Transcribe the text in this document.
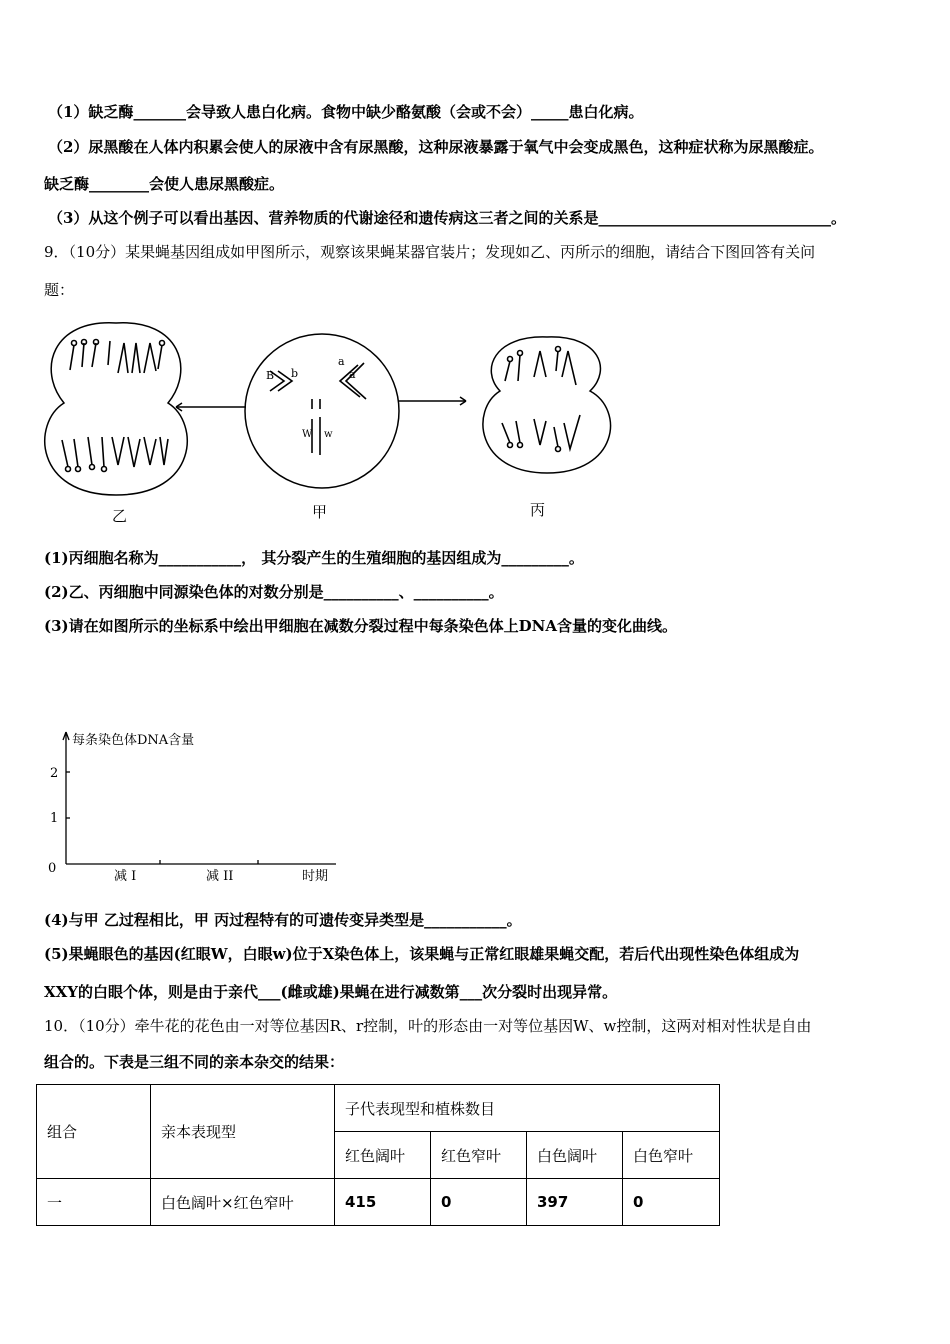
（1）缺乏酶_______会导致人患白化病。食物中缺少酪氨酸（会或不会）_____患白化病。
（2）尿黑酸在人体内积累会使人的尿液中含有尿黑酸，这种尿液暴露于氧气中会变成黑色，这种症状称为尿黑酸症。
缺乏酶________会使人患尿黑酸症。
（3）从这个例子可以看出基因、营养物质的代谢途径和遗传病这三者之间的关系是_______________________________。
9．（10分）某果蝇基因组成如甲图所示，观察该果蝇某器官装片；发现如乙、丙所示的细胞，请结合下图回答有关问
题：
B b
a
a
W w
乙	甲	丙
(1)丙细胞名称为___________， 其分裂产生的生殖细胞的基因组成为_________。
(2)乙、丙细胞中同源染色体的对数分别是__________、__________。
(3)请在如图所示的坐标系中绘出甲细胞在减数分裂过程中每条染色体上DNA含量的变化曲线。
每条染色体DNA含量
2
1
0
减 I	减 II	时期
(4)与甲 乙过程相比，甲 丙过程特有的可遗传变异类型是___________。
(5)果蝇眼色的基因(红眼W，白眼w)位于X染色体上，该果蝇与正常红眼雄果蝇交配，若后代出现性染色体组成为
XXY的白眼个体，则是由于亲代___(雌或雄)果蝇在进行减数第___次分裂时出现异常。
10．（10分）牵牛花的花色由一对等位基因R、r控制，叶的形态由一对等位基因W、w控制，这两对相对性状是自由
组合的。下表是三组不同的亲本杂交的结果：
组合	亲本表现型	子代表现型和植株数目			
		红色阔叶	红色窄叶	白色阔叶	白色窄叶
一	白色阔叶×红色窄叶	415	0	397	0
